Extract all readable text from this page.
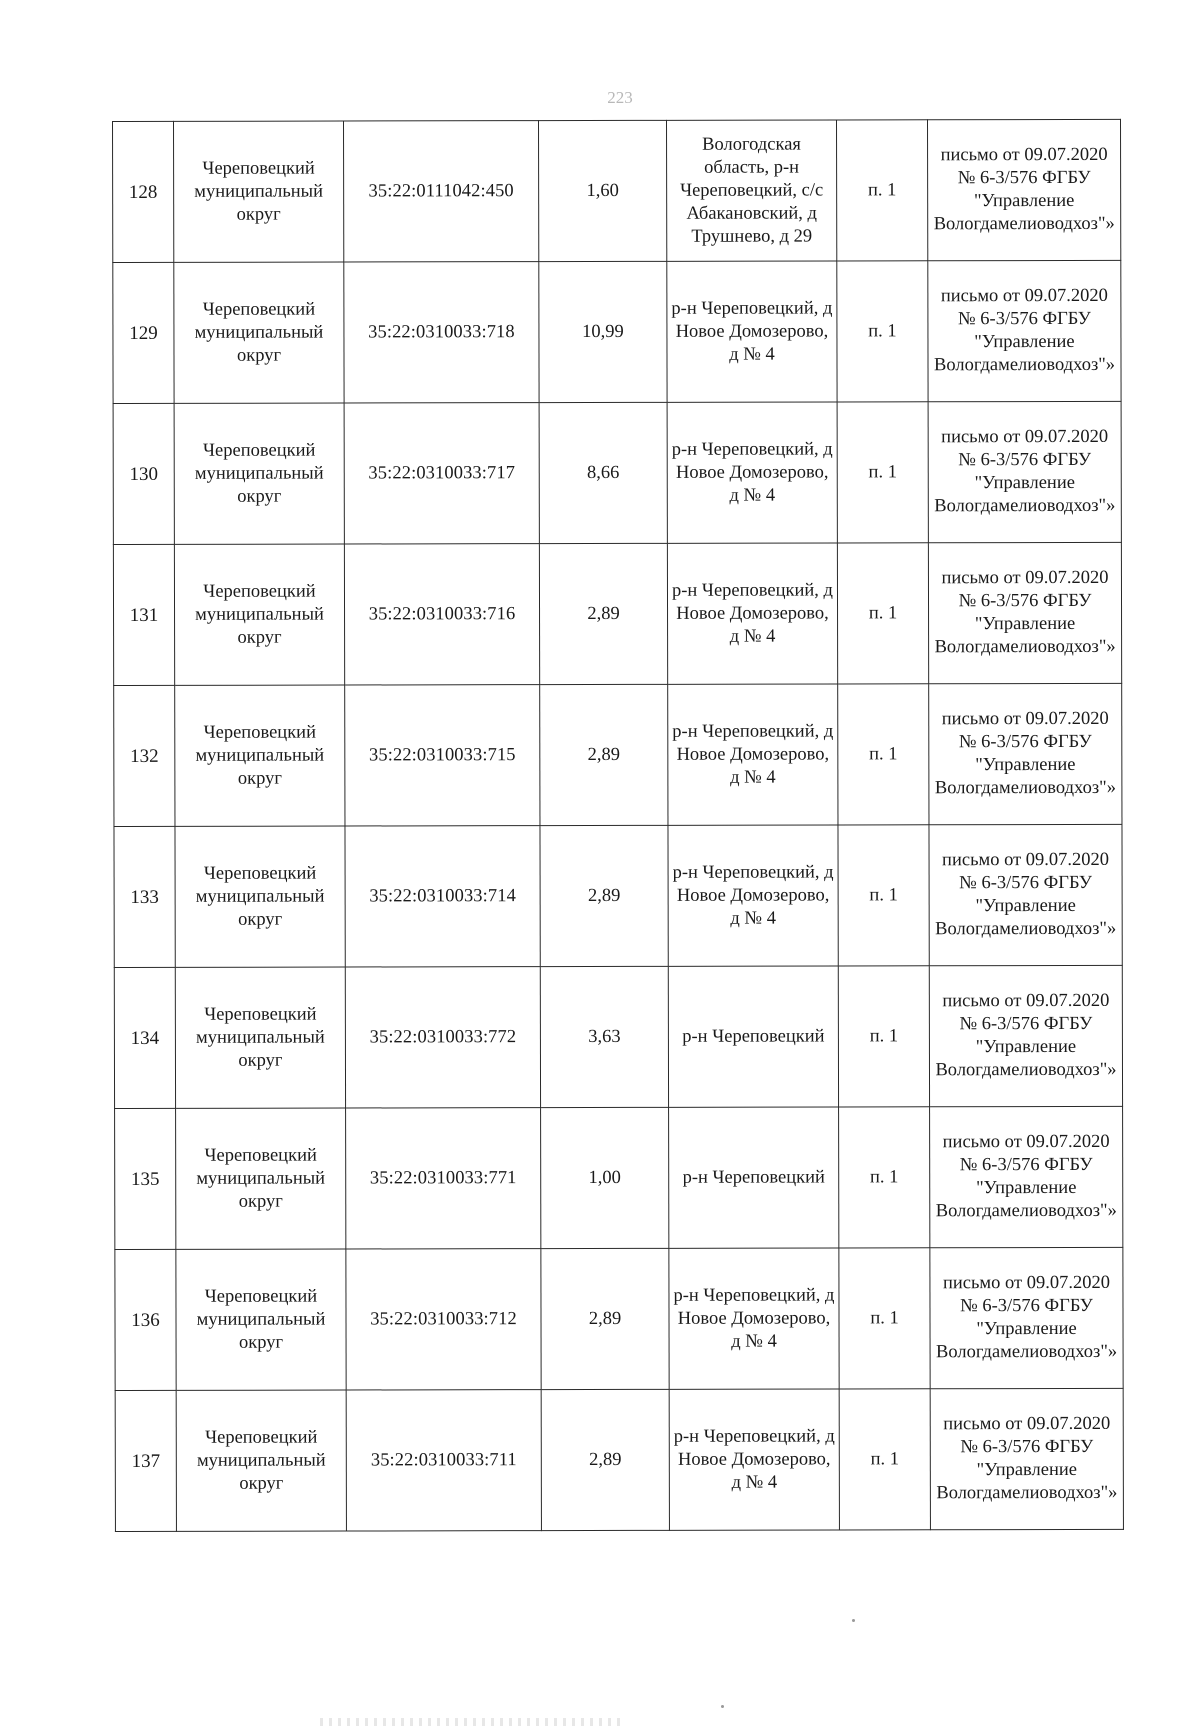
223
128	Череповецкий муниципальный округ	35:22:0111042:450	1,60	Вологодская область, р-н Череповецкий, с/с Абакановский, д Трушнево, д 29	п. 1	письмо от 09.07.2020 № 6-3/576 ФГБУ "Управление Вологдамелиоводхоз"»
129	Череповецкий муниципальный округ	35:22:0310033:718	10,99	р-н Череповецкий, д Новое Домозерово, д № 4	п. 1	письмо от 09.07.2020 № 6-3/576 ФГБУ "Управление Вологдамелиоводхоз"»
130	Череповецкий муниципальный округ	35:22:0310033:717	8,66	р-н Череповецкий, д Новое Домозерово, д № 4	п. 1	письмо от 09.07.2020 № 6-3/576 ФГБУ "Управление Вологдамелиоводхоз"»
131	Череповецкий муниципальный округ	35:22:0310033:716	2,89	р-н Череповецкий, д Новое Домозерово, д № 4	п. 1	письмо от 09.07.2020 № 6-3/576 ФГБУ "Управление Вологдамелиоводхоз"»
132	Череповецкий муниципальный округ	35:22:0310033:715	2,89	р-н Череповецкий, д Новое Домозерово, д № 4	п. 1	письмо от 09.07.2020 № 6-3/576 ФГБУ "Управление Вологдамелиоводхоз"»
133	Череповецкий муниципальный округ	35:22:0310033:714	2,89	р-н Череповецкий, д Новое Домозерово, д № 4	п. 1	письмо от 09.07.2020 № 6-3/576 ФГБУ "Управление Вологдамелиоводхоз"»
134	Череповецкий муниципальный округ	35:22:0310033:772	3,63	р-н Череповецкий	п. 1	письмо от 09.07.2020 № 6-3/576 ФГБУ "Управление Вологдамелиоводхоз"»
135	Череповецкий муниципальный округ	35:22:0310033:771	1,00	р-н Череповецкий	п. 1	письмо от 09.07.2020 № 6-3/576 ФГБУ "Управление Вологдамелиоводхоз"»
136	Череповецкий муниципальный округ	35:22:0310033:712	2,89	р-н Череповецкий, д Новое Домозерово, д № 4	п. 1	письмо от 09.07.2020 № 6-3/576 ФГБУ "Управление Вологдамелиоводхоз"»
137	Череповецкий муниципальный округ	35:22:0310033:711	2,89	р-н Череповецкий, д Новое Домозерово, д № 4	п. 1	письмо от 09.07.2020 № 6-3/576 ФГБУ "Управление Вологдамелиоводхоз"»
